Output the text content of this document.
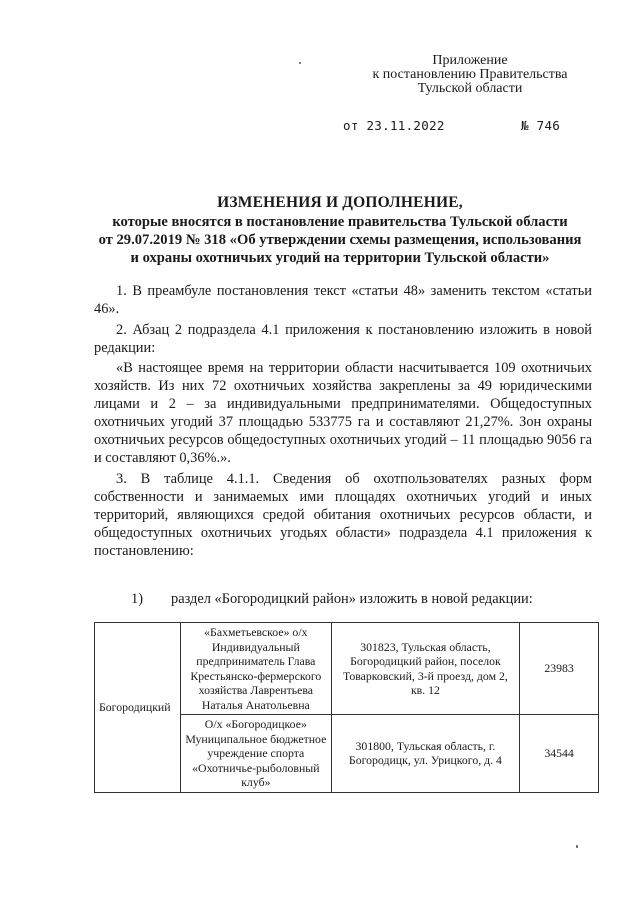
Приложение
к постановлению Правительства
Тульской области
от 23.11.2022	№ 746
ИЗМЕНЕНИЯ И ДОПОЛНЕНИЕ,
которые вносятся в постановление правительства Тульской области
от 29.07.2019 № 318 «Об утверждении схемы размещения, использования
и охраны охотничьих угодий на территории Тульской области»

1. В преамбуле постановления текст «статьи 48» заменить текстом «статьи 46».

2. Абзац 2 подраздела 4.1 приложения к постановлению изложить в новой редакции:

«В настоящее время на территории области насчитывается 109 охотничьих хозяйств. Из них 72 охотничьих хозяйства закреплены за 49 юридическими лицами и 2 – за индивидуальными предпринимателями. Общедоступных охотничьих угодий 37 площадью 533775 га и составляют 21,27%. Зон охраны охотничьих ресурсов общедоступных охотничьих угодий – 11 площадью 9056 га и составляют 0,36%.».

3. В таблице 4.1.1. Сведения об охотпользователях разных форм собственности и занимаемых ими площадях охотничьих угодий и иных территорий, являющихся средой обитания охотничьих ресурсов области, и общедоступных охотничьих угодьях области» подраздела 4.1 приложения к постановлению:

1) раздел «Богородицкий район» изложить в новой редакции:
Богородицкий	«Бахметьевское» о/х Индивидуальный предприниматель Глава Крестьянско-фермерского хозяйства Лаврентьева Наталья Анатольевна	301823, Тульская область, Богородицкий район, поселок Товарковский, 3-й проезд, дом 2, кв. 12	23983
	О/х «Богородицкое» Муниципальное бюджетное учреждение спорта «Охотничье-рыболовный клуб»	301800, Тульская область, г. Богородицк, ул. Урицкого, д. 4	34544
